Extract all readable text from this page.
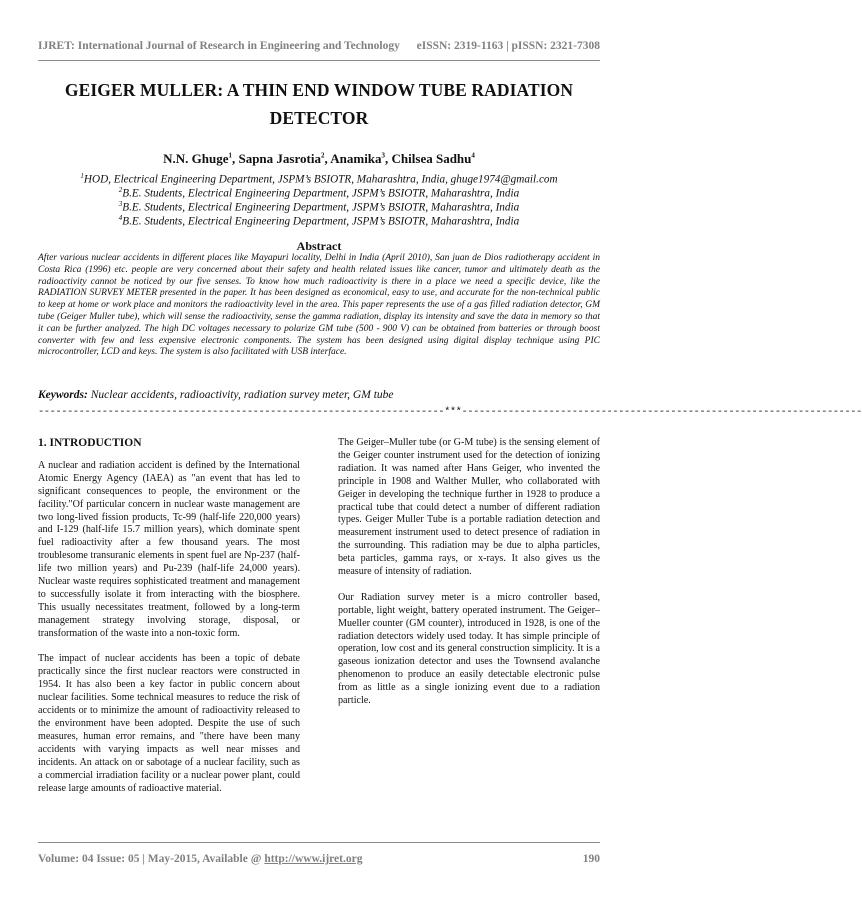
IJRET: International Journal of Research in Engineering and Technology eISSN: 2319-1163 | pISSN: 2321-7308
GEIGER MULLER: A THIN END WINDOW TUBE RADIATION
DETECTOR
N.N. Ghuge$^1$, Sapna Jasrotia$^2$, Anamika$^3$, Chilsea Sadhu$^4$
$^1$HOD, Electrical Engineering Department, JSPM’s BSIOTR, Maharashtra, India, ghuge1974@gmail.com
$^2$B.E. Students, Electrical Engineering Department, JSPM’s BSIOTR, Maharashtra, India
$^3$B.E. Students, Electrical Engineering Department, JSPM’s BSIOTR, Maharashtra, India
$^4$B.E. Students, Electrical Engineering Department, JSPM’s BSIOTR, Maharashtra, India
Abstract
After various nuclear accidents in different places like Mayapuri locality, Delhi in India (April 2010), San juan de Dios radiotherapy accident in Costa Rica (1996) etc. people are very concerned about their safety and health related issues like cancer, tumor and ultimately death as the radioactivity cannot be noticed by our five senses. To know how much radioactivity is there in a place we need a specific device, like the RADIATION SURVEY METER presented in the paper. It has been designed as economical, easy to use, and accurate for the non-technical public to keep at home or work place and monitors the radioactivity level in the area. This paper represents the use of a gas filled radiation detector, GM tube (Geiger Muller tube), which will sense the radioactivity, sense the gamma radiation, display its intensity and save the data in memory so that it can be further analyzed. The high DC voltages necessary to polarize GM tube (500 - 900 V) can be obtained from batteries or through boost converter with few and less expensive electronic components. The system has been designed using digital display technique using PIC microcontroller, LCD and keys. The system is also facilitated with USB interface.
Keywords: Nuclear accidents, radioactivity, radiation survey meter, GM tube
----------------------------------------------------------------------***---------------------------------------------------------------------
1. INTRODUCTION

A nuclear and radiation accident is defined by the International Atomic Energy Agency (IAEA) as "an event that has led to significant consequences to people, the environment or the facility."Of particular concern in nuclear waste management are two long-lived fission products, Tc-99 (half-life 220,000 years) and I-129 (half-life 15.7 million years), which dominate spent fuel radioactivity after a few thousand years. The most troublesome transuranic elements in spent fuel are Np-237 (half-life two million years) and Pu-239 (half-life 24,000 years). Nuclear waste requires sophisticated treatment and management to successfully isolate it from interacting with the biosphere. This usually necessitates treatment, followed by a long-term management strategy involving storage, disposal, or transformation of the waste into a non-toxic form.

The impact of nuclear accidents has been a topic of debate practically since the first nuclear reactors were constructed in 1954. It has also been a key factor in public concern about nuclear facilities. Some technical measures to reduce the risk of accidents or to minimize the amount of radioactivity released to the environment have been adopted. Despite the use of such measures, human error remains, and "there have been many accidents with varying impacts as well near misses and incidents. An attack on or sabotage of a nuclear facility, such as a commercial irradiation facility or a nuclear power plant, could release large amounts of radioactive material.

The Geiger–Muller tube (or G-M tube) is the sensing element of the Geiger counter instrument used for the detection of ionizing radiation. It was named after Hans Geiger, who invented the principle in 1908 and Walther Muller, who collaborated with Geiger in developing the technique further in 1928 to produce a practical tube that could detect a number of different radiation types. Geiger Muller Tube is a portable radiation detection and measurement instrument used to detect presence of radiation in the surrounding. This radiation may be due to alpha particles, beta particles, gamma rays, or x-rays. It also gives us the measure of intensity of radiation.

Our Radiation survey meter is a micro controller based, portable, light weight, battery operated instrument. The Geiger–Mueller counter (GM counter), introduced in 1928, is one of the radiation detectors widely used today. It has simple principle of operation, low cost and its general construction simplicity. It is a gaseous ionization detector and uses the Townsend avalanche phenomenon to produce an easily detectable electronic pulse from as little as a single ionizing event due to a radiation particle.

Volume: 04 Issue: 05 | May-2015, Available @ http://www.ijret.org	190
